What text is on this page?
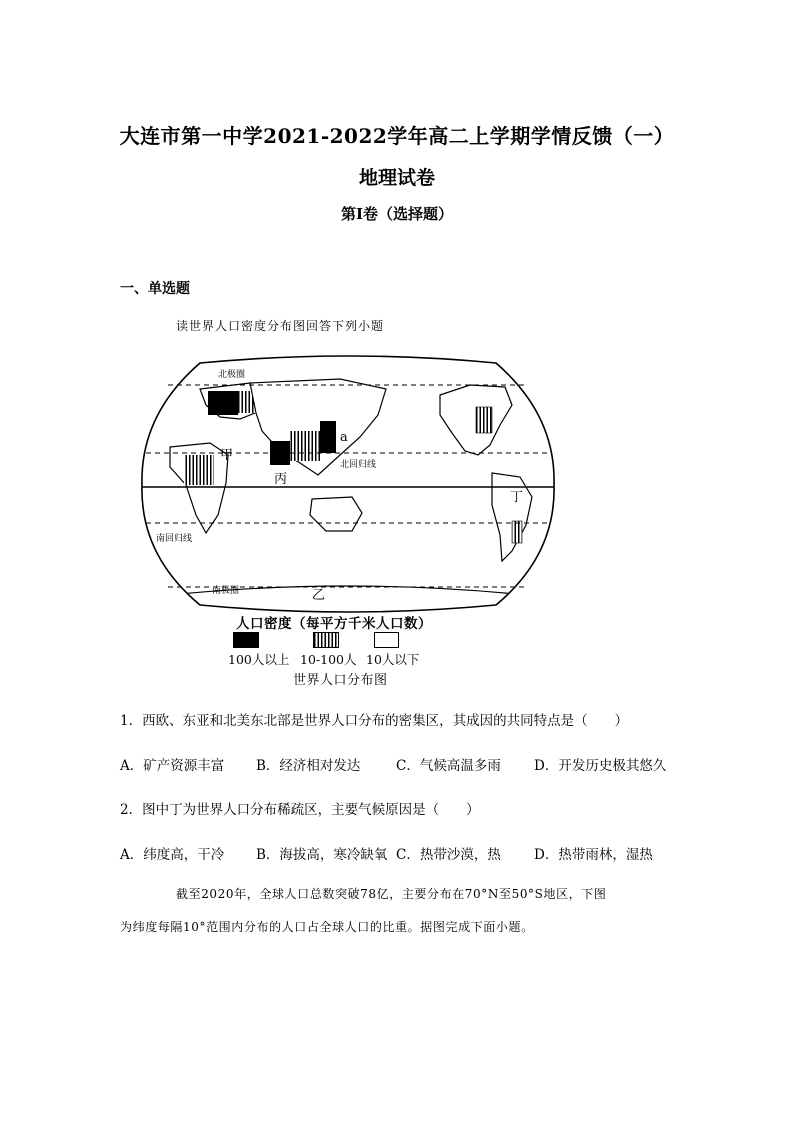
大连市第一中学2021-2022学年高二上学期学情反馈（一）
地理试卷
第Ⅰ卷（选择题）
一、单选题
读世界人口密度分布图回答下列小题
北极圈
北回归线
南回归线
南极圈
甲
丙
丁
乙
a
人口密度（每平方千米人口数）
100人以上 10-100人 10人以下
世界人口分布图
1．西欧、东亚和北美东北部是世界人口分布的密集区，其成因的共同特点是（　　）
A．矿产资源丰富 B．经济相对发达	C．气候高温多雨 D．开发历史极其悠久
2．图中丁为世界人口分布稀疏区，主要气候原因是（　　）
A．纬度高，干冷 B．海拔高，寒冷缺氧 C．热带沙漠，热 D．热带雨林，湿热
截至2020年，全球人口总数突破78亿，主要分布在70°N至50°S地区，下图
为纬度每隔10°范围内分布的人口占全球人口的比重。据图完成下面小题。
